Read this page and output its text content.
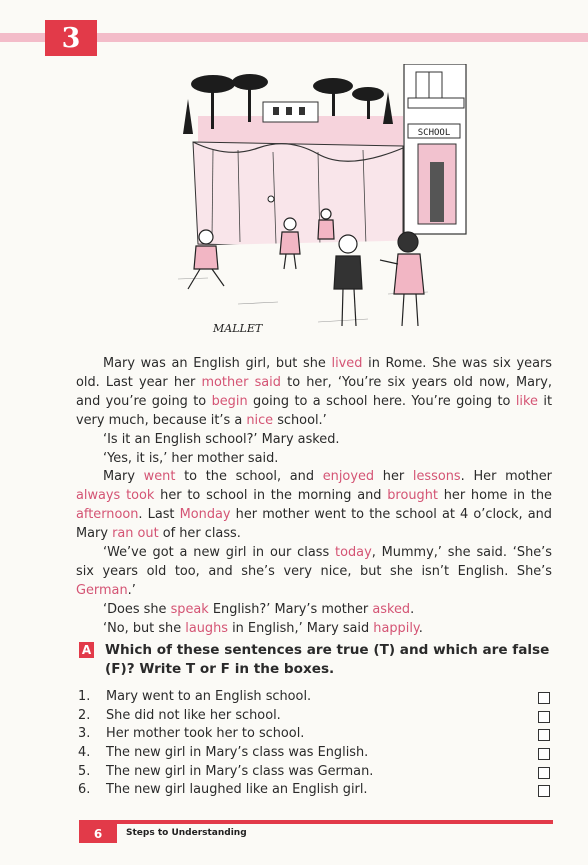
3
SCHOOL
MALLET

Mary was an English girl, but she lived in Rome. She was six years old. Last year her mother said to her, ‘You’re six years old now, Mary, and you’re going to begin going to a school here. You’re going to like it very much, because it’s a nice school.’

‘Is it an English school?’ Mary asked.

‘Yes, it is,’ her mother said.

Mary went to the school, and enjoyed her lessons. Her mother always took her to school in the morning and brought her home in the afternoon. Last Monday her mother went to the school at 4 o’clock, and Mary ran out of her class.

‘We’ve got a new girl in our class today, Mummy,’ she said. ‘She’s six years old too, and she’s very nice, but she isn’t English. She’s German.’

‘Does she speak English?’ Mary’s mother asked.

‘No, but she laughs in English,’ Mary said happily.

A Which of these sentences are true (T) and which are false (F)? Write T or F in the boxes.
1.	Mary went to an English school.
2.	She did not like her school.
3.	Her mother took her to school.
4.	The new girl in Mary’s class was English.
5.	The new girl in Mary’s class was German.
6.	The new girl laughed like an English girl.
6	Steps to Understanding
